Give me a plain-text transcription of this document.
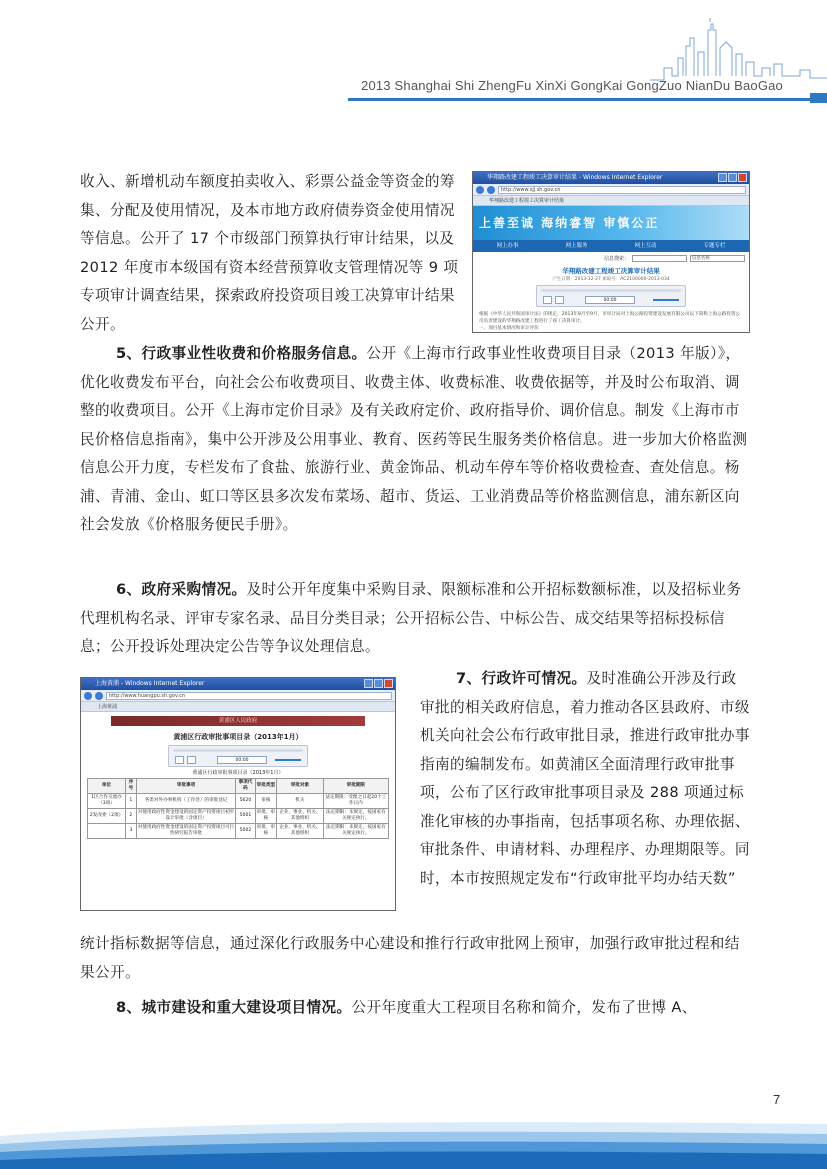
2013 Shanghai Shi ZhengFu XinXi GongKai GongZuo NianDu BaoGao
收入、新增机动车额度拍卖收入、彩票公益金等资金的筹集、分配及使用情况，及本市地方政府债券资金使用情况等信息。公开了 17 个市级部门预算执行审计结果，以及 2012 年度市本级国有资本经营预算收支管理情况等 9 项专项审计调查结果，探索政府投资项目竣工决算审计结果公开。
华翔路改建工程竣工决算审计结果 - Windows Internet Explorer
http://www.sjj.sh.gov.cn
华翔路改建工程竣工决算审计结果
上善至诚 海纳睿智 审慎公正
网上办事	网上服务	网上互动	专题专栏
信息搜索：	信息名称
华翔路改建工程竣工决算审计结果
产生日期：2013-12-27 索取号：AC2100000-2013-034
00:00
根据《中华人民共和国审计法》的规定，2013年8月至9月，市审计局对上海公路投资建设发展有限公司以下简称上海公路投资公司负责建设的华翔路改建工程进行了竣工决算审计。
一、项目基本情况和审计评价
5、行政事业性收费和价格服务信息。公开《上海市行政事业性收费项目目录（2013 年版）》，优化收费发布平台，向社会公布收费项目、收费主体、收费标准、收费依据等，并及时公布取消、调整的收费项目。公开《上海市定价目录》及有关政府定价、政府指导价、调价信息。制发《上海市市民价格信息指南》，集中公开涉及公用事业、教育、医药等民生服务类价格信息。进一步加大价格监测信息公开力度，专栏发布了食盐、旅游行业、黄金饰品、机动车停车等价格收费检查、查处信息。杨浦、青浦、金山、虹口等区县多次发布菜场、超市、货运、工业消费品等价格监测信息，浦东新区向社会发放《价格服务便民手册》。
6、政府采购情况。及时公开年度集中采购目录、限额标准和公开招标数额标准，以及招标业务代理机构名录、评审专家名录、品目分类目录；公开招标公告、中标公告、成交结果等招标投标信息；公开投诉处理决定公告等争议处理信息。
上海黄浦 - Windows Internet Explorer
http://www.huangpu.sh.gov.cn
上海黄浦
黄浦区人民政府
黄浦区行政审批事项目录（2013年1月）
00:00
黄浦区行政审批事项目录（2013年1月）
单位	序号	审批事项	事项代码	审批类型	审批对象	审批期限
1区合作交流办（3项）	1	各类对外办事机构（工作处）的审批登记	5620	审核	机关	法定期限：受理之日起20个工作日内
2发改委（2项）	2	对使用政府性资金建设的固定资产投资项目初步设计审批（含项目）	5001	审批、审核	企业、事业、机关、其他组织	法定期限：未规定，按国家有关规定执行。
	3	对使用政府性资金建设的固定资产投资项目可行性研究报告审批	5002	审批、审核	企业、事业、机关、其他组织	法定期限：未规定，按国家有关规定执行。
7、行政许可情况。及时准确公开涉及行政审批的相关政府信息，着力推动各区县政府、市级机关向社会公布行政审批目录，推进行政审批办事指南的编制发布。如黄浦区全面清理行政审批事项，公布了区行政审批事项目录及 288 项通过标准化审核的办事指南，包括事项名称、办理依据、审批条件、申请材料、办理程序、办理期限等。同时，本市按照规定发布“行政审批平均办结天数”
统计指标数据等信息，通过深化行政服务中心建设和推行行政审批网上预审，加强行政审批过程和结果公开。
8、城市建设和重大建设项目情况。公开年度重大工程项目名称和简介，发布了世博 A、
7
